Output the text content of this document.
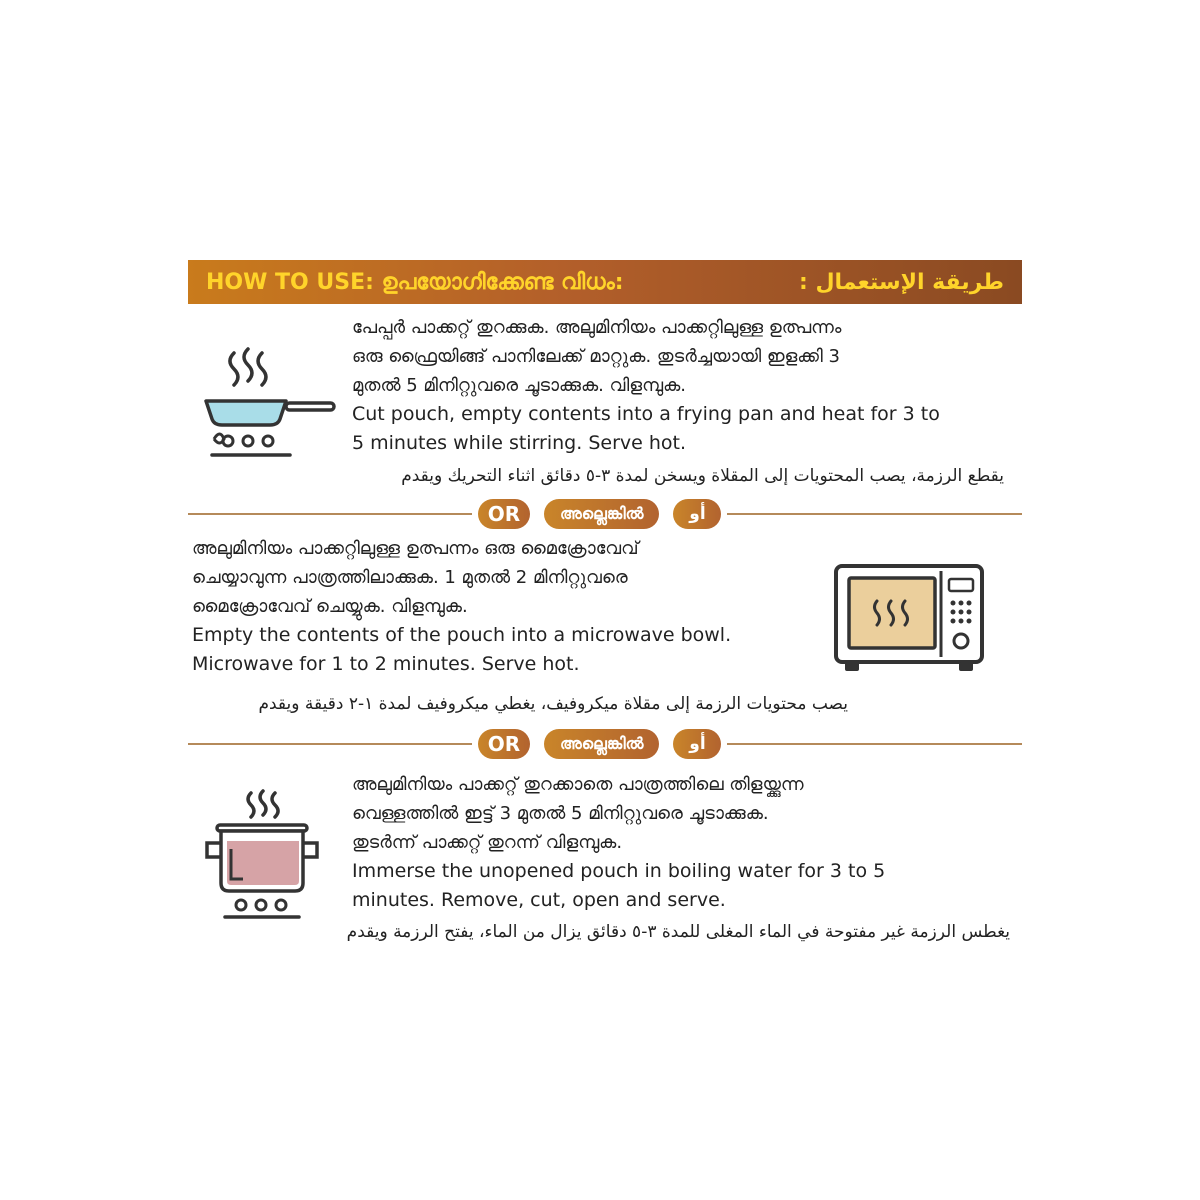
HOW TO USE: ഉപയോഗിക്കേണ്ട വിധം:	طريقة الإستعمال :
പേപ്പർ പാക്കറ്റ് തുറക്കുക. അലുമിനിയം പാക്കറ്റിലുള്ള ഉത്പന്നം
ഒരു ഫ്രൈയിങ്ങ് പാനിലേക്ക് മാറ്റുക. തുടർച്ചയായി ഇളക്കി 3
മുതൽ 5 മിനിറ്റുവരെ ചൂടാക്കുക. വിളമ്പുക.
Cut pouch, empty contents into a frying pan and heat for 3 to
5 minutes while stirring. Serve hot.
يقطع الرزمة، يصب المحتويات إلى المقلاة ويسخن لمدة ٣-٥ دقائق اثناء التحريك ويقدم
OR	അല്ലെങ്കിൽ	أو
അലുമിനിയം പാക്കറ്റിലുള്ള ഉത്പന്നം ഒരു മൈക്രോവേവ്
ചെയ്യാവുന്ന പാത്രത്തിലാക്കുക. 1 മുതൽ 2 മിനിറ്റുവരെ
മൈക്രോവേവ് ചെയ്യുക. വിളമ്പുക.
Empty the contents of the pouch into a microwave bowl.
Microwave for 1 to 2 minutes. Serve hot.
يصب محتويات الرزمة إلى مقلاة ميكروفيف، يغطي ميكروفيف لمدة ١-٢ دقيقة ويقدم
OR	അല്ലെങ്കിൽ	أو
അലുമിനിയം പാക്കറ്റ് തുറക്കാതെ പാത്രത്തിലെ തിളയ്ക്കുന്ന
വെള്ളത്തിൽ ഇട്ട് 3 മുതൽ 5 മിനിറ്റുവരെ ചൂടാക്കുക.
തുടർന്ന് പാക്കറ്റ് തുറന്ന് വിളമ്പുക.
Immerse the unopened pouch in boiling water for 3 to 5
minutes. Remove, cut, open and serve.
يغطس الرزمة غير مفتوحة في الماء المغلى للمدة ٣-٥ دقائق يزال من الماء، يفتح الرزمة ويقدم
